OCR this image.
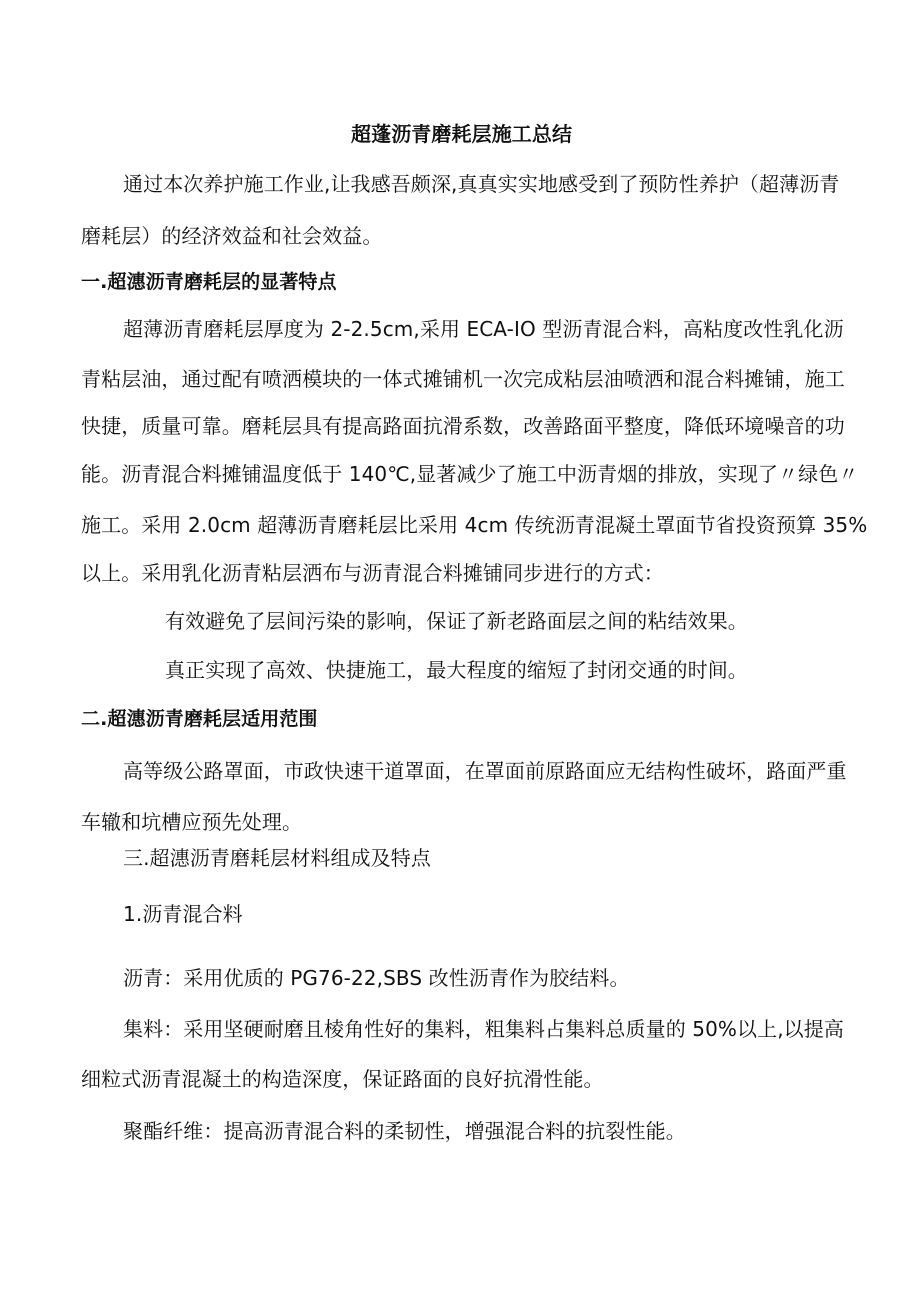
超蓬沥青磨耗层施工总结
通过本次养护施工作业,让我感吾颇深,真真实实地感受到了预防性养护（超薄沥青
磨耗层）的经济效益和社会效益。
一.超潓沥青磨耗层的显著特点
超薄沥青磨耗层厚度为 2-2.5cm,采用 ECA-IO 型沥青混合料，高粘度改性乳化沥
青粘层油，通过配有喷洒模块的一体式摊铺机一次完成粘层油喷洒和混合料摊铺，施工
快捷，质量可靠。磨耗层具有提高路面抗滑系数，改善路面平整度，降低环境噪音的功
能。沥青混合料摊铺温度低于 140℃,显著减少了施工中沥青烟的排放，实现了〃绿色〃
施工。采用 2.0cm 超薄沥青磨耗层比采用 4cm 传统沥青混凝土罩面节省投资预算 35%
以上。采用乳化沥青粘层洒布与沥青混合料摊铺同步进行的方式：
有效避免了层间污染的影响，保证了新老路面层之间的粘结效果。
真正实现了高效、快捷施工，最大程度的缩短了封闭交通的时间。
二.超潓沥青磨耗层适用范围
高等级公路罩面，市政快速干道罩面，在罩面前原路面应无结构性破坏，路面严重
车辙和坑槽应预先处理。
三.超潓沥青磨耗层材料组成及特点
1.沥青混合料
沥青：采用优质的 PG76-22,SBS 改性沥青作为胶结料。
集料：采用坚硬耐磨且棱角性好的集料，粗集料占集料总质量的 50%以上,以提高
细粒式沥青混凝土的构造深度，保证路面的良好抗滑性能。
聚酯纤维：提高沥青混合料的柔韧性，增强混合料的抗裂性能。
